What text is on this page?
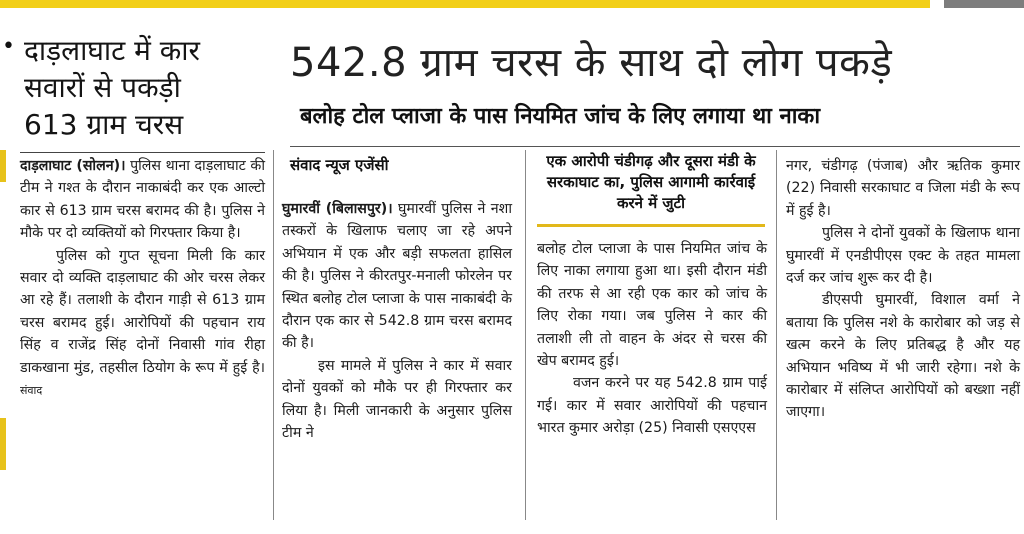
• दाड़लाघाट में कार
सवारों से पकड़ी
613 ग्राम चरस

दाड़लाघाट (सोलन)। पुलिस थाना दाड़लाघाट की टीम ने गश्त के दौरान नाकाबंदी कर एक आल्टो कार से 613 ग्राम चरस बरामद की है। पुलिस ने मौके पर दो व्यक्तियों को गिरफ्तार किया है।

पुलिस को गुप्त सूचना मिली कि कार सवार दो व्यक्ति दाड़लाघाट की ओर चरस लेकर आ रहे हैं। तलाशी के दौरान गाड़ी से 613 ग्राम चरस बरामद हुई। आरोपियों की पहचान राय सिंह व राजेंद्र सिंह दोनों निवासी गांव रीहा डाकखाना मुंड, तहसील ठियोग के रूप में हुई है। संवाद

542.8 ग्राम चरस के साथ दो लोग पकड़े
बलोह टोल प्लाजा के पास नियमित जांच के लिए लगाया था नाका
संवाद न्यूज एजेंसी

घुमारवीं (बिलासपुर)। घुमारवीं पुलिस ने नशा तस्करों के खिलाफ चलाए जा रहे अपने अभियान में एक और बड़ी सफलता हासिल की है। पुलिस ने कीरतपुर-मनाली फोरलेन पर स्थित बलोह टोल प्लाजा के पास नाकाबंदी के दौरान एक कार से 542.8 ग्राम चरस बरामद की है।

इस मामले में पुलिस ने कार में सवार दोनों युवकों को मौके पर ही गिरफ्तार कर लिया है। मिली जानकारी के अनुसार पुलिस टीम ने

एक आरोपी चंडीगढ़ और दूसरा मंडी के सरकाघाट का, पुलिस आगामी कार्रवाई करने में जुटी

बलोह टोल प्लाजा के पास नियमित जांच के लिए नाका लगाया हुआ था। इसी दौरान मंडी की तरफ से आ रही एक कार को जांच के लिए रोका गया। जब पुलिस ने कार की तलाशी ली तो वाहन के अंदर से चरस की खेप बरामद हुई।

वजन करने पर यह 542.8 ग्राम पाई गई। कार में सवार आरोपियों की पहचान भारत कुमार अरोड़ा (25) निवासी एसएएस

नगर, चंडीगढ़ (पंजाब) और ऋतिक कुमार (22) निवासी सरकाघाट व जिला मंडी के रूप में हुई है।

पुलिस ने दोनों युवकों के खिलाफ थाना घुमारवीं में एनडीपीएस एक्ट के तहत मामला दर्ज कर जांच शुरू कर दी है।

डीएसपी घुमारवीं, विशाल वर्मा ने बताया कि पुलिस नशे के कारोबार को जड़ से खत्म करने के लिए प्रतिबद्ध है और यह अभियान भविष्य में भी जारी रहेगा। नशे के कारोबार में संलिप्त आरोपियों को बख्शा नहीं जाएगा।
